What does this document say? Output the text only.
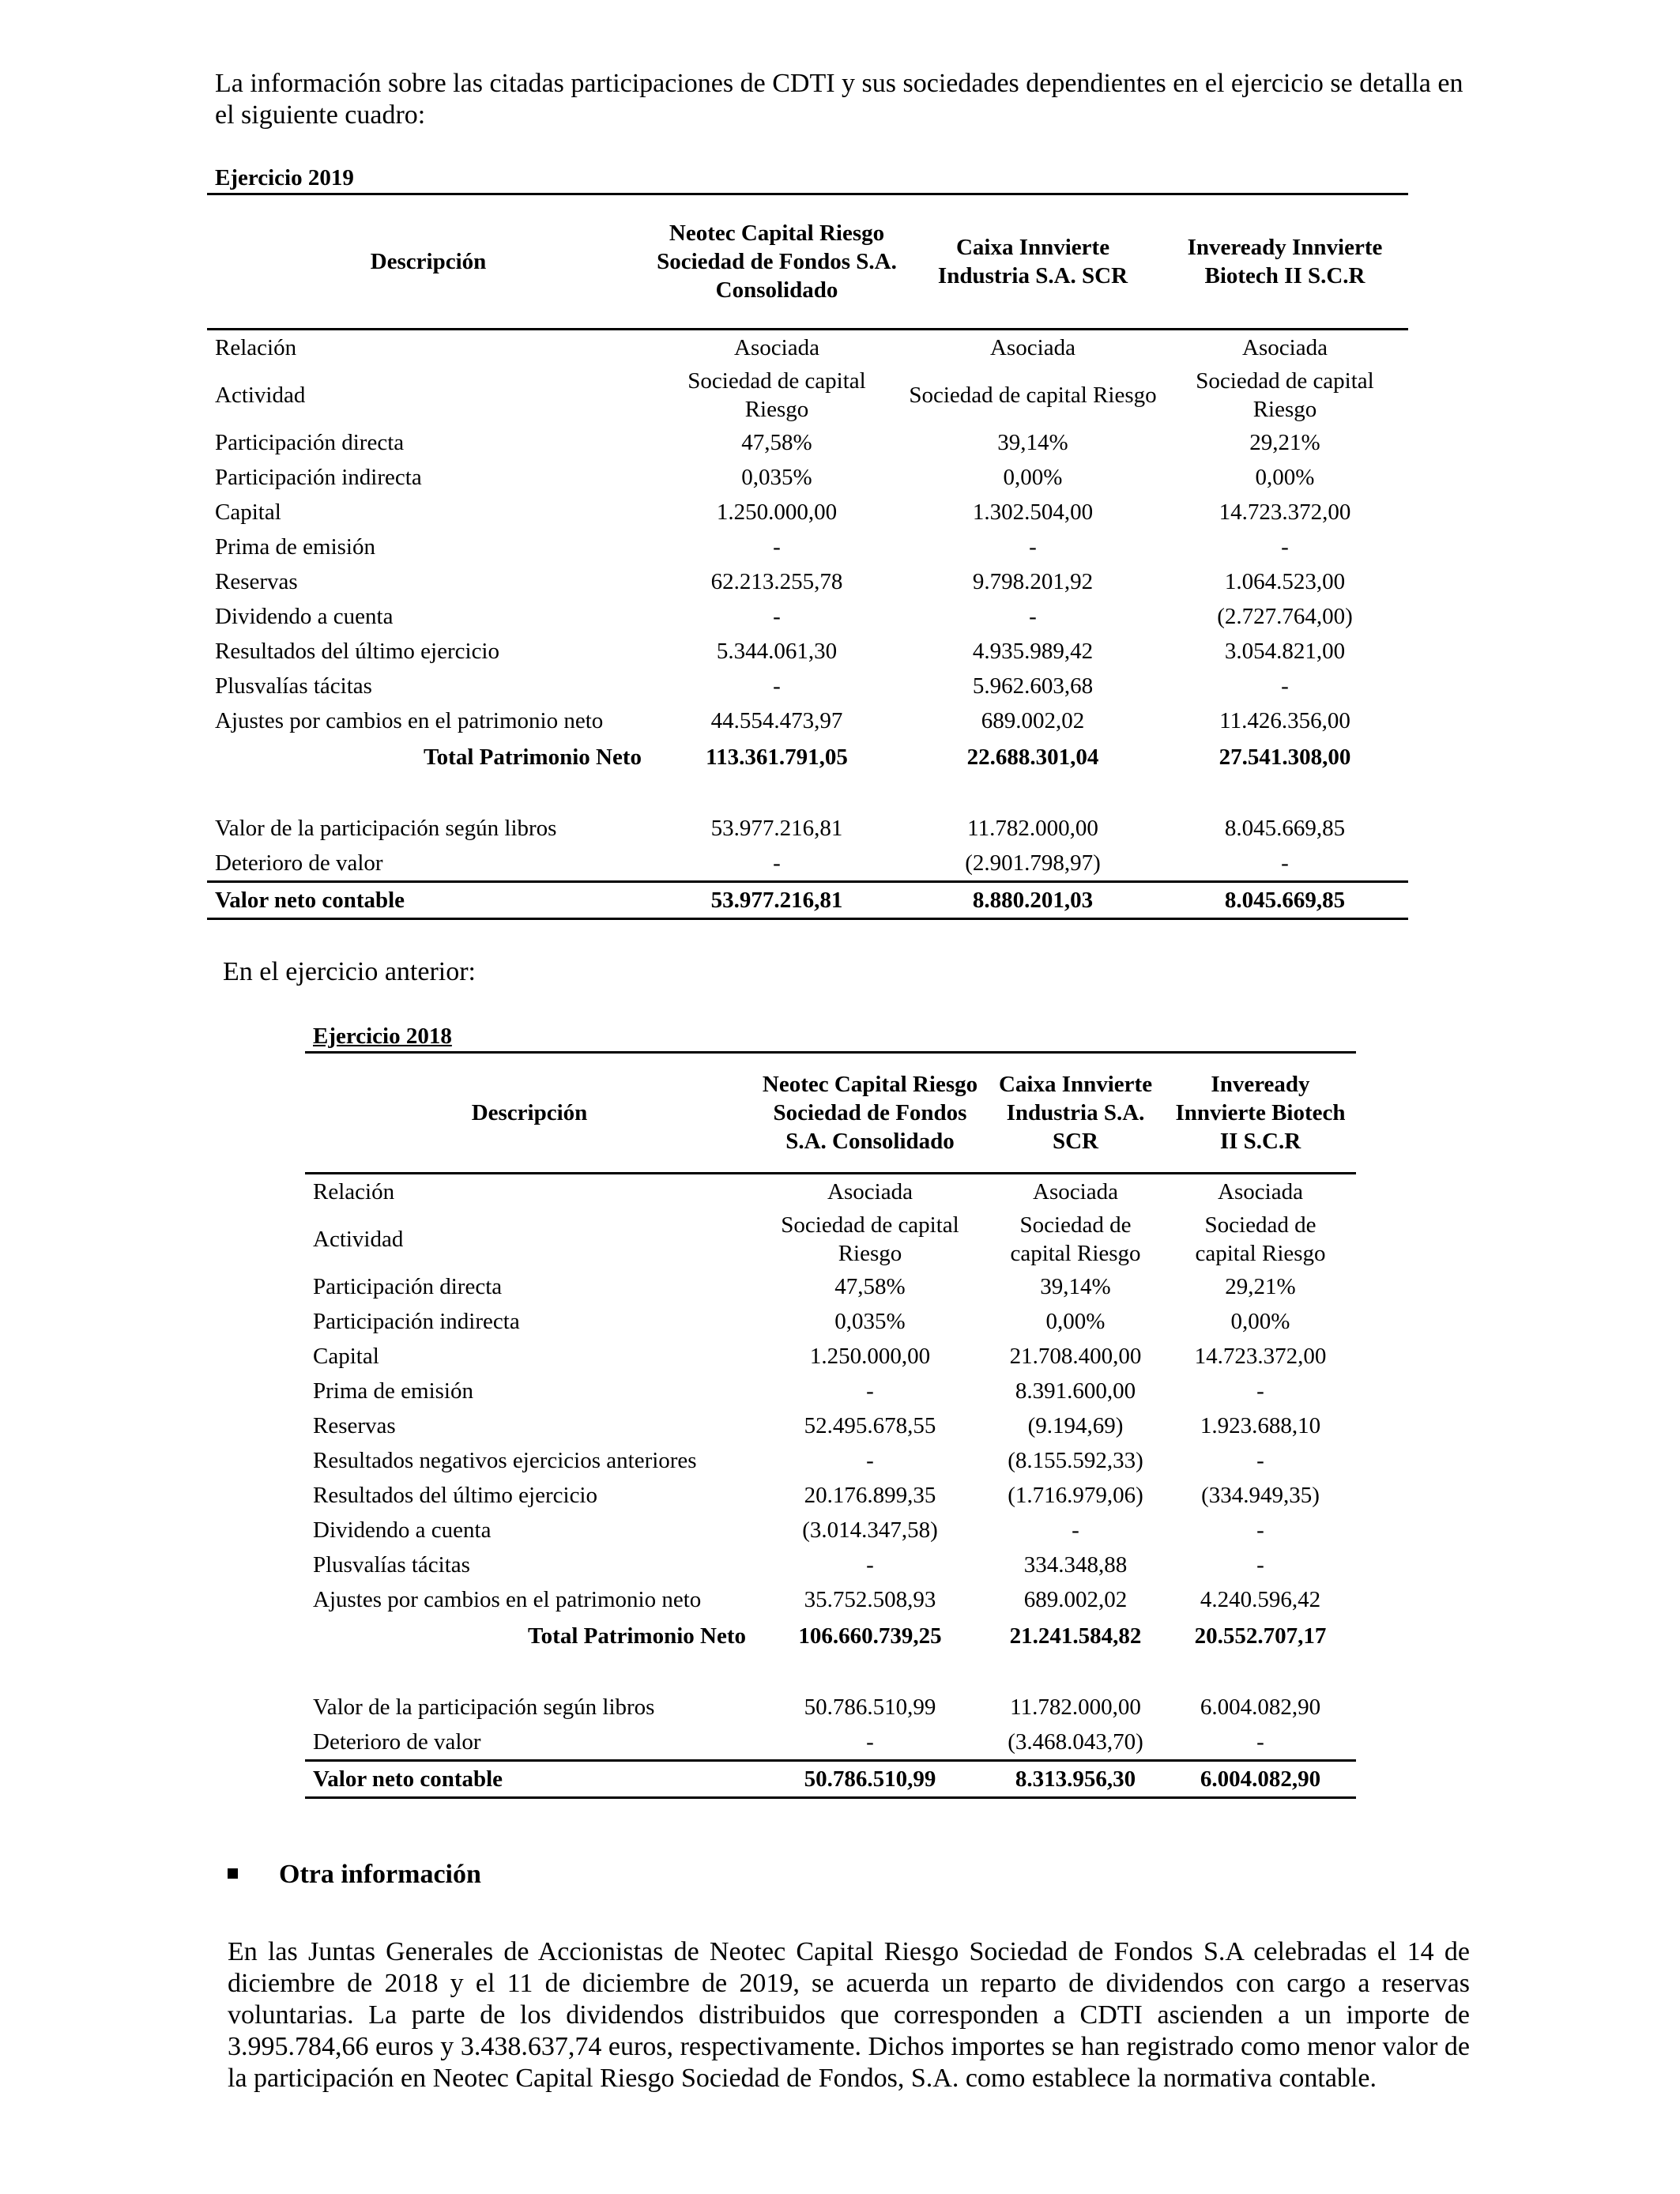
La información sobre las citadas participaciones de CDTI y sus sociedades dependientes en el ejercicio se detalla en el siguiente cuadro:

Ejercicio 2019
Descripción	Neotec Capital Riesgo Sociedad de Fondos S.A. Consolidado	Caixa Innvierte Industria S.A. SCR	Inveready Innvierte Biotech II S.C.R
Relación	Asociada	Asociada	Asociada
Actividad	Sociedad de capital Riesgo	Sociedad de capital Riesgo	Sociedad de capital Riesgo
Participación directa	47,58%	39,14%	29,21%
Participación indirecta	0,035%	0,00%	0,00%
Capital	1.250.000,00	1.302.504,00	14.723.372,00
Prima de emisión	-	-	-
Reservas	62.213.255,78	9.798.201,92	1.064.523,00
Dividendo a cuenta	-	-	(2.727.764,00)
Resultados del último ejercicio	5.344.061,30	4.935.989,42	3.054.821,00
Plusvalías tácitas	-	5.962.603,68	-
Ajustes por cambios en el patrimonio neto	44.554.473,97	689.002,02	11.426.356,00
Total Patrimonio Neto	113.361.791,05	22.688.301,04	27.541.308,00

Valor de la participación según libros	53.977.216,81	11.782.000,00	8.045.669,85
Deterioro de valor	-	(2.901.798,97)	-
Valor neto contable	53.977.216,81	8.880.201,03	8.045.669,85

En el ejercicio anterior:

Ejercicio 2018
Descripción	Neotec Capital Riesgo Sociedad de Fondos S.A. Consolidado	Caixa Innvierte Industria S.A. SCR	Inveready Innvierte Biotech II S.C.R
Relación	Asociada	Asociada	Asociada
Actividad	Sociedad de capital Riesgo	Sociedad de capital Riesgo	Sociedad de capital Riesgo
Participación directa	47,58%	39,14%	29,21%
Participación indirecta	0,035%	0,00%	0,00%
Capital	1.250.000,00	21.708.400,00	14.723.372,00
Prima de emisión	-	8.391.600,00	-
Reservas	52.495.678,55	(9.194,69)	1.923.688,10
Resultados negativos ejercicios anteriores	-	(8.155.592,33)	-
Resultados del último ejercicio	20.176.899,35	(1.716.979,06)	(334.949,35)
Dividendo a cuenta	(3.014.347,58)	-	-
Plusvalías tácitas	-	334.348,88	-
Ajustes por cambios en el patrimonio neto	35.752.508,93	689.002,02	4.240.596,42
Total Patrimonio Neto	106.660.739,25	21.241.584,82	20.552.707,17

Valor de la participación según libros	50.786.510,99	11.782.000,00	6.004.082,90
Deterioro de valor	-	(3.468.043,70)	-
Valor neto contable	50.786.510,99	8.313.956,30	6.004.082,90
Otra información

En las Juntas Generales de Accionistas de Neotec Capital Riesgo Sociedad de Fondos S.A celebradas el 14 de diciembre de 2018 y el 11 de diciembre de 2019, se acuerda un reparto de dividendos con cargo a reservas voluntarias. La parte de los dividendos distribuidos que corresponden a CDTI ascienden a un importe de 3.995.784,66 euros y 3.438.637,74 euros, respectivamente. Dichos importes se han registrado como menor valor de la participación en Neotec Capital Riesgo Sociedad de Fondos, S.A. como establece la normativa contable.
